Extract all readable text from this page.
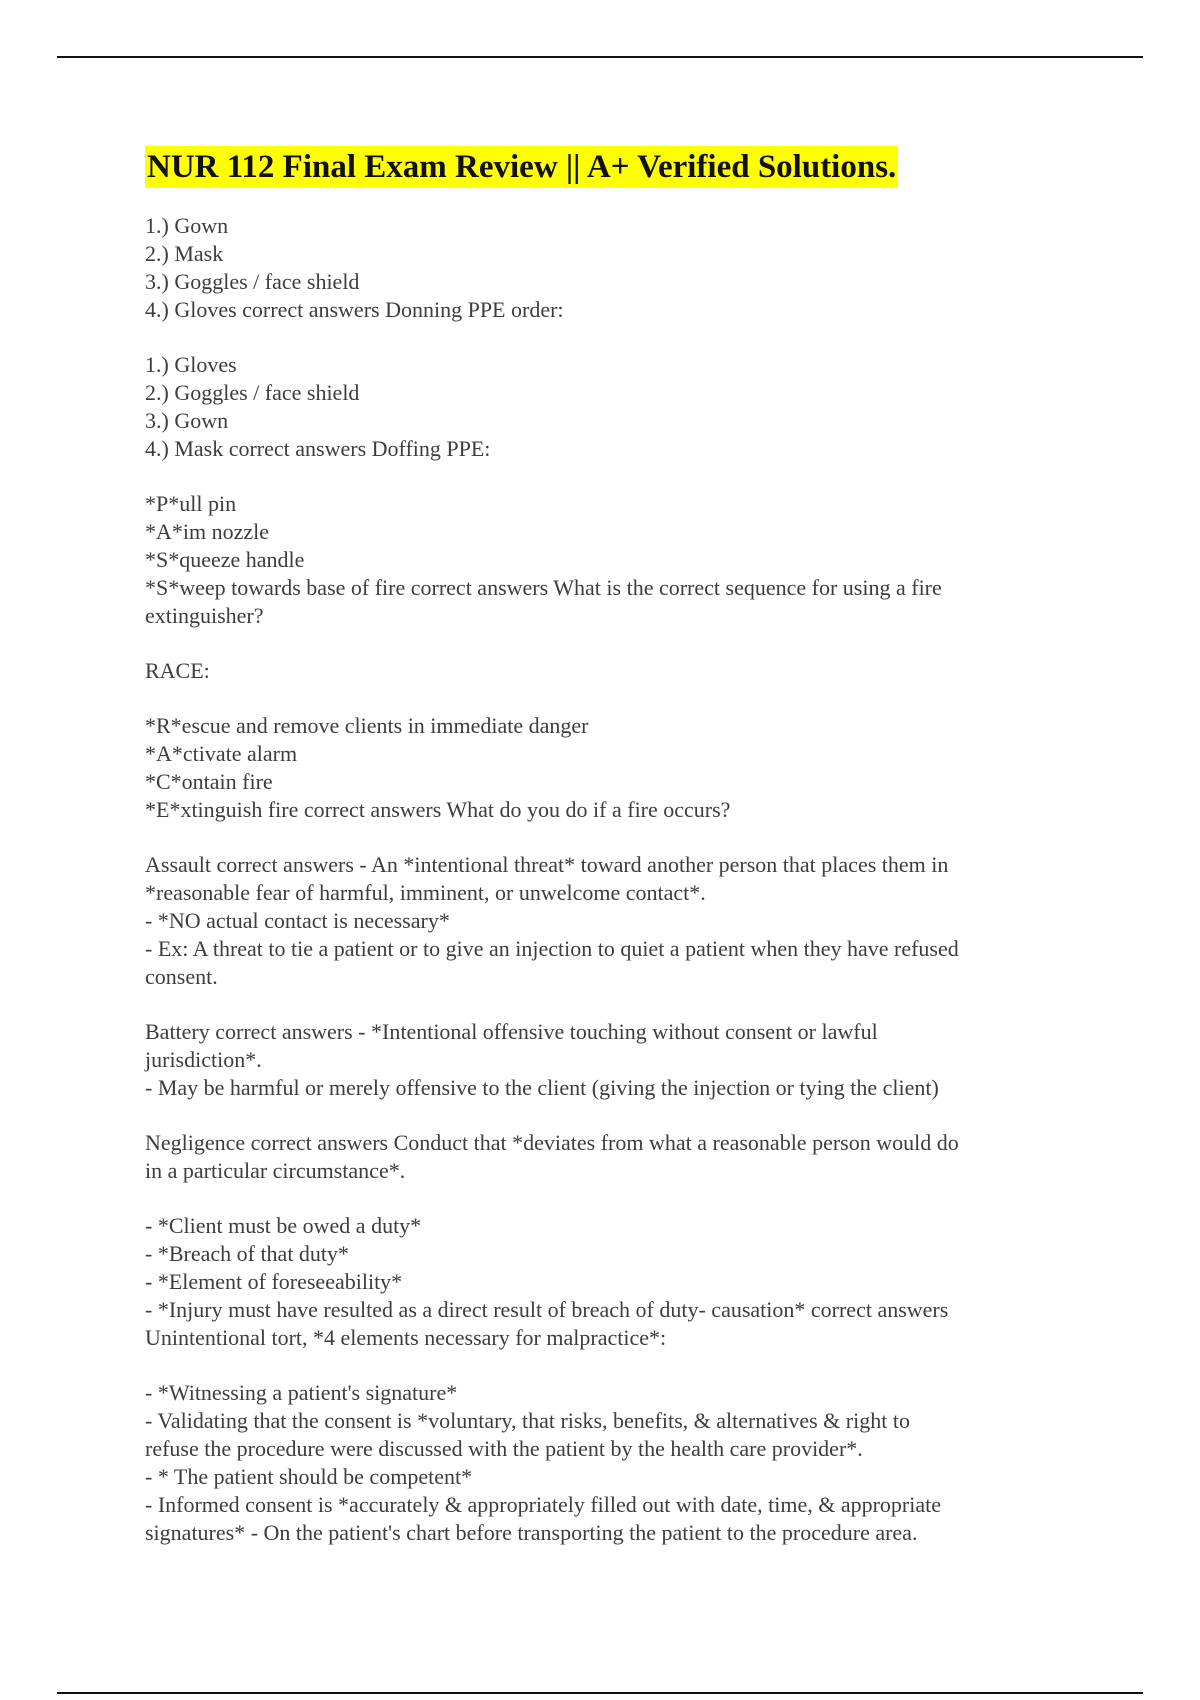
NUR 112 Final Exam Review || A+ Verified Solutions.
1.) Gown
2.) Mask
3.) Goggles / face shield
4.) Gloves correct answers Donning PPE order:
1.) Gloves
2.) Goggles / face shield
3.) Gown
4.) Mask correct answers Doffing PPE:
*P*ull pin
*A*im nozzle
*S*queeze handle
*S*weep towards base of fire correct answers What is the correct sequence for using a fire
extinguisher?
RACE:
*R*escue and remove clients in immediate danger
*A*ctivate alarm
*C*ontain fire
*E*xtinguish fire correct answers What do you do if a fire occurs?
Assault correct answers - An *intentional threat* toward another person that places them in
*reasonable fear of harmful, imminent, or unwelcome contact*.
- *NO actual contact is necessary*
- Ex: A threat to tie a patient or to give an injection to quiet a patient when they have refused
consent.
Battery correct answers - *Intentional offensive touching without consent or lawful
jurisdiction*.
- May be harmful or merely offensive to the client (giving the injection or tying the client)
Negligence correct answers Conduct that *deviates from what a reasonable person would do
in a particular circumstance*.
- *Client must be owed a duty*
- *Breach of that duty*
- *Element of foreseeability*
- *Injury must have resulted as a direct result of breach of duty- causation* correct answers
Unintentional tort, *4 elements necessary for malpractice*:
- *Witnessing a patient's signature*
- Validating that the consent is *voluntary, that risks, benefits, & alternatives & right to
refuse the procedure were discussed with the patient by the health care provider*.
- * The patient should be competent*
- Informed consent is *accurately & appropriately filled out with date, time, & appropriate
signatures* - On the patient's chart before transporting the patient to the procedure area.
